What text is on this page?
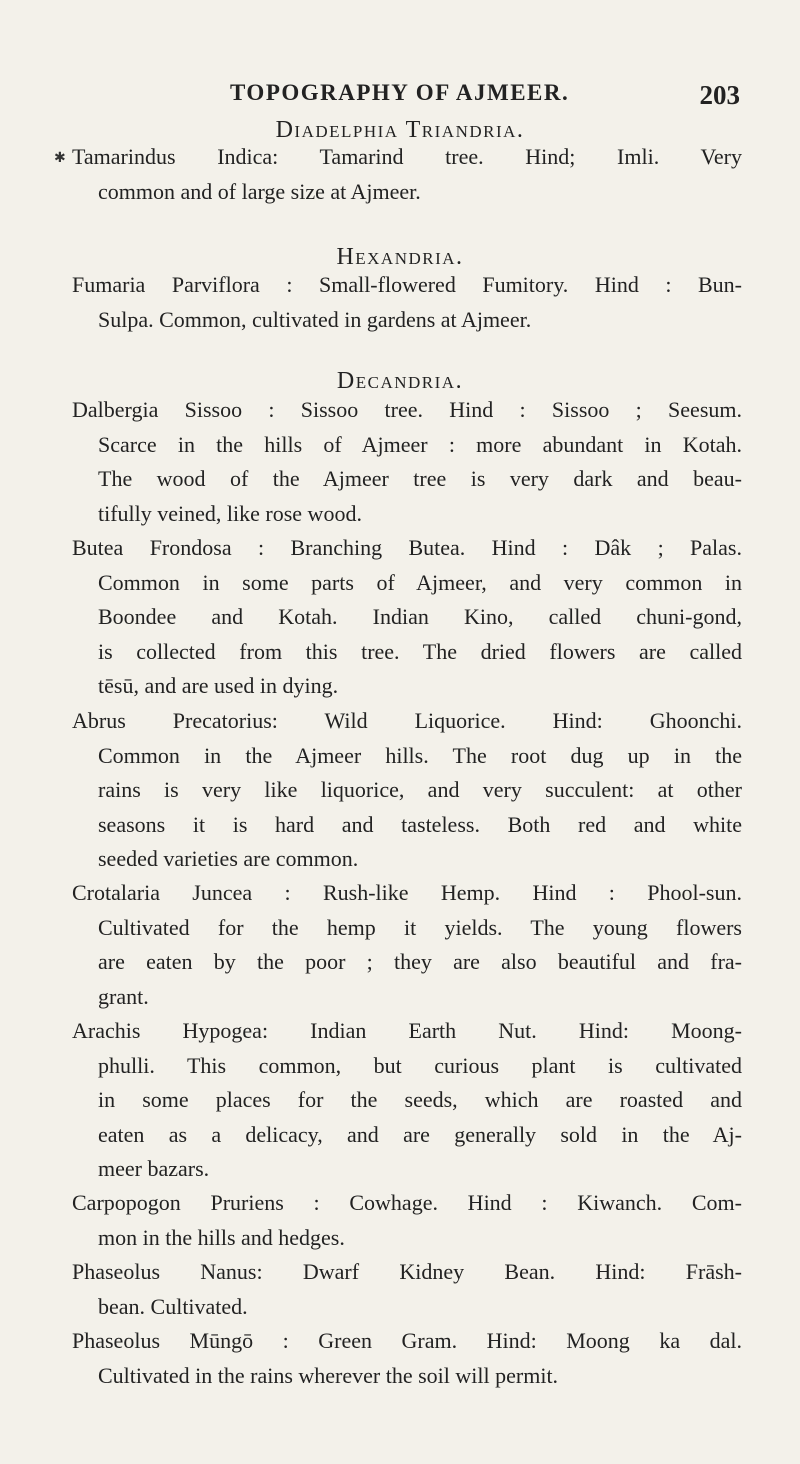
TOPOGRAPHY OF AJMEER.	203
✱
Diadelphia Triandria.
Tamarindus Indica: Tamarind tree. Hind; Imli. Very
common and of large size at Ajmeer.
Hexandria.
Fumaria Parviflora : Small-flowered Fumitory. Hind : Bun-
Sulpa. Common, cultivated in gardens at Ajmeer.
Decandria.
Dalbergia Sissoo : Sissoo tree. Hind : Sissoo ; Seesum.
Scarce in the hills of Ajmeer : more abundant in Kotah.
The wood of the Ajmeer tree is very dark and beau-
tifully veined, like rose wood.
Butea Frondosa : Branching Butea. Hind : Dâk ; Palas.
Common in some parts of Ajmeer, and very common in
Boondee and Kotah. Indian Kino, called chuni-gond,
is collected from this tree. The dried flowers are called
tēsū, and are used in dying.
Abrus Precatorius: Wild Liquorice. Hind: Ghoonchi.
Common in the Ajmeer hills. The root dug up in the
rains is very like liquorice, and very succulent: at other
seasons it is hard and tasteless. Both red and white
seeded varieties are common.
Crotalaria Juncea : Rush-like Hemp. Hind : Phool-sun.
Cultivated for the hemp it yields. The young flowers
are eaten by the poor ; they are also beautiful and fra-
grant.
Arachis Hypogea: Indian Earth Nut. Hind: Moong-
phulli. This common, but curious plant is cultivated
in some places for the seeds, which are roasted and
eaten as a delicacy, and are generally sold in the Aj-
meer bazars.
Carpopogon Pruriens : Cowhage. Hind : Kiwanch. Com-
mon in the hills and hedges.
Phaseolus Nanus: Dwarf Kidney Bean. Hind: Frāsh-
bean. Cultivated.
Phaseolus Mūngō : Green Gram. Hind: Moong ka dal.
Cultivated in the rains wherever the soil will permit.
